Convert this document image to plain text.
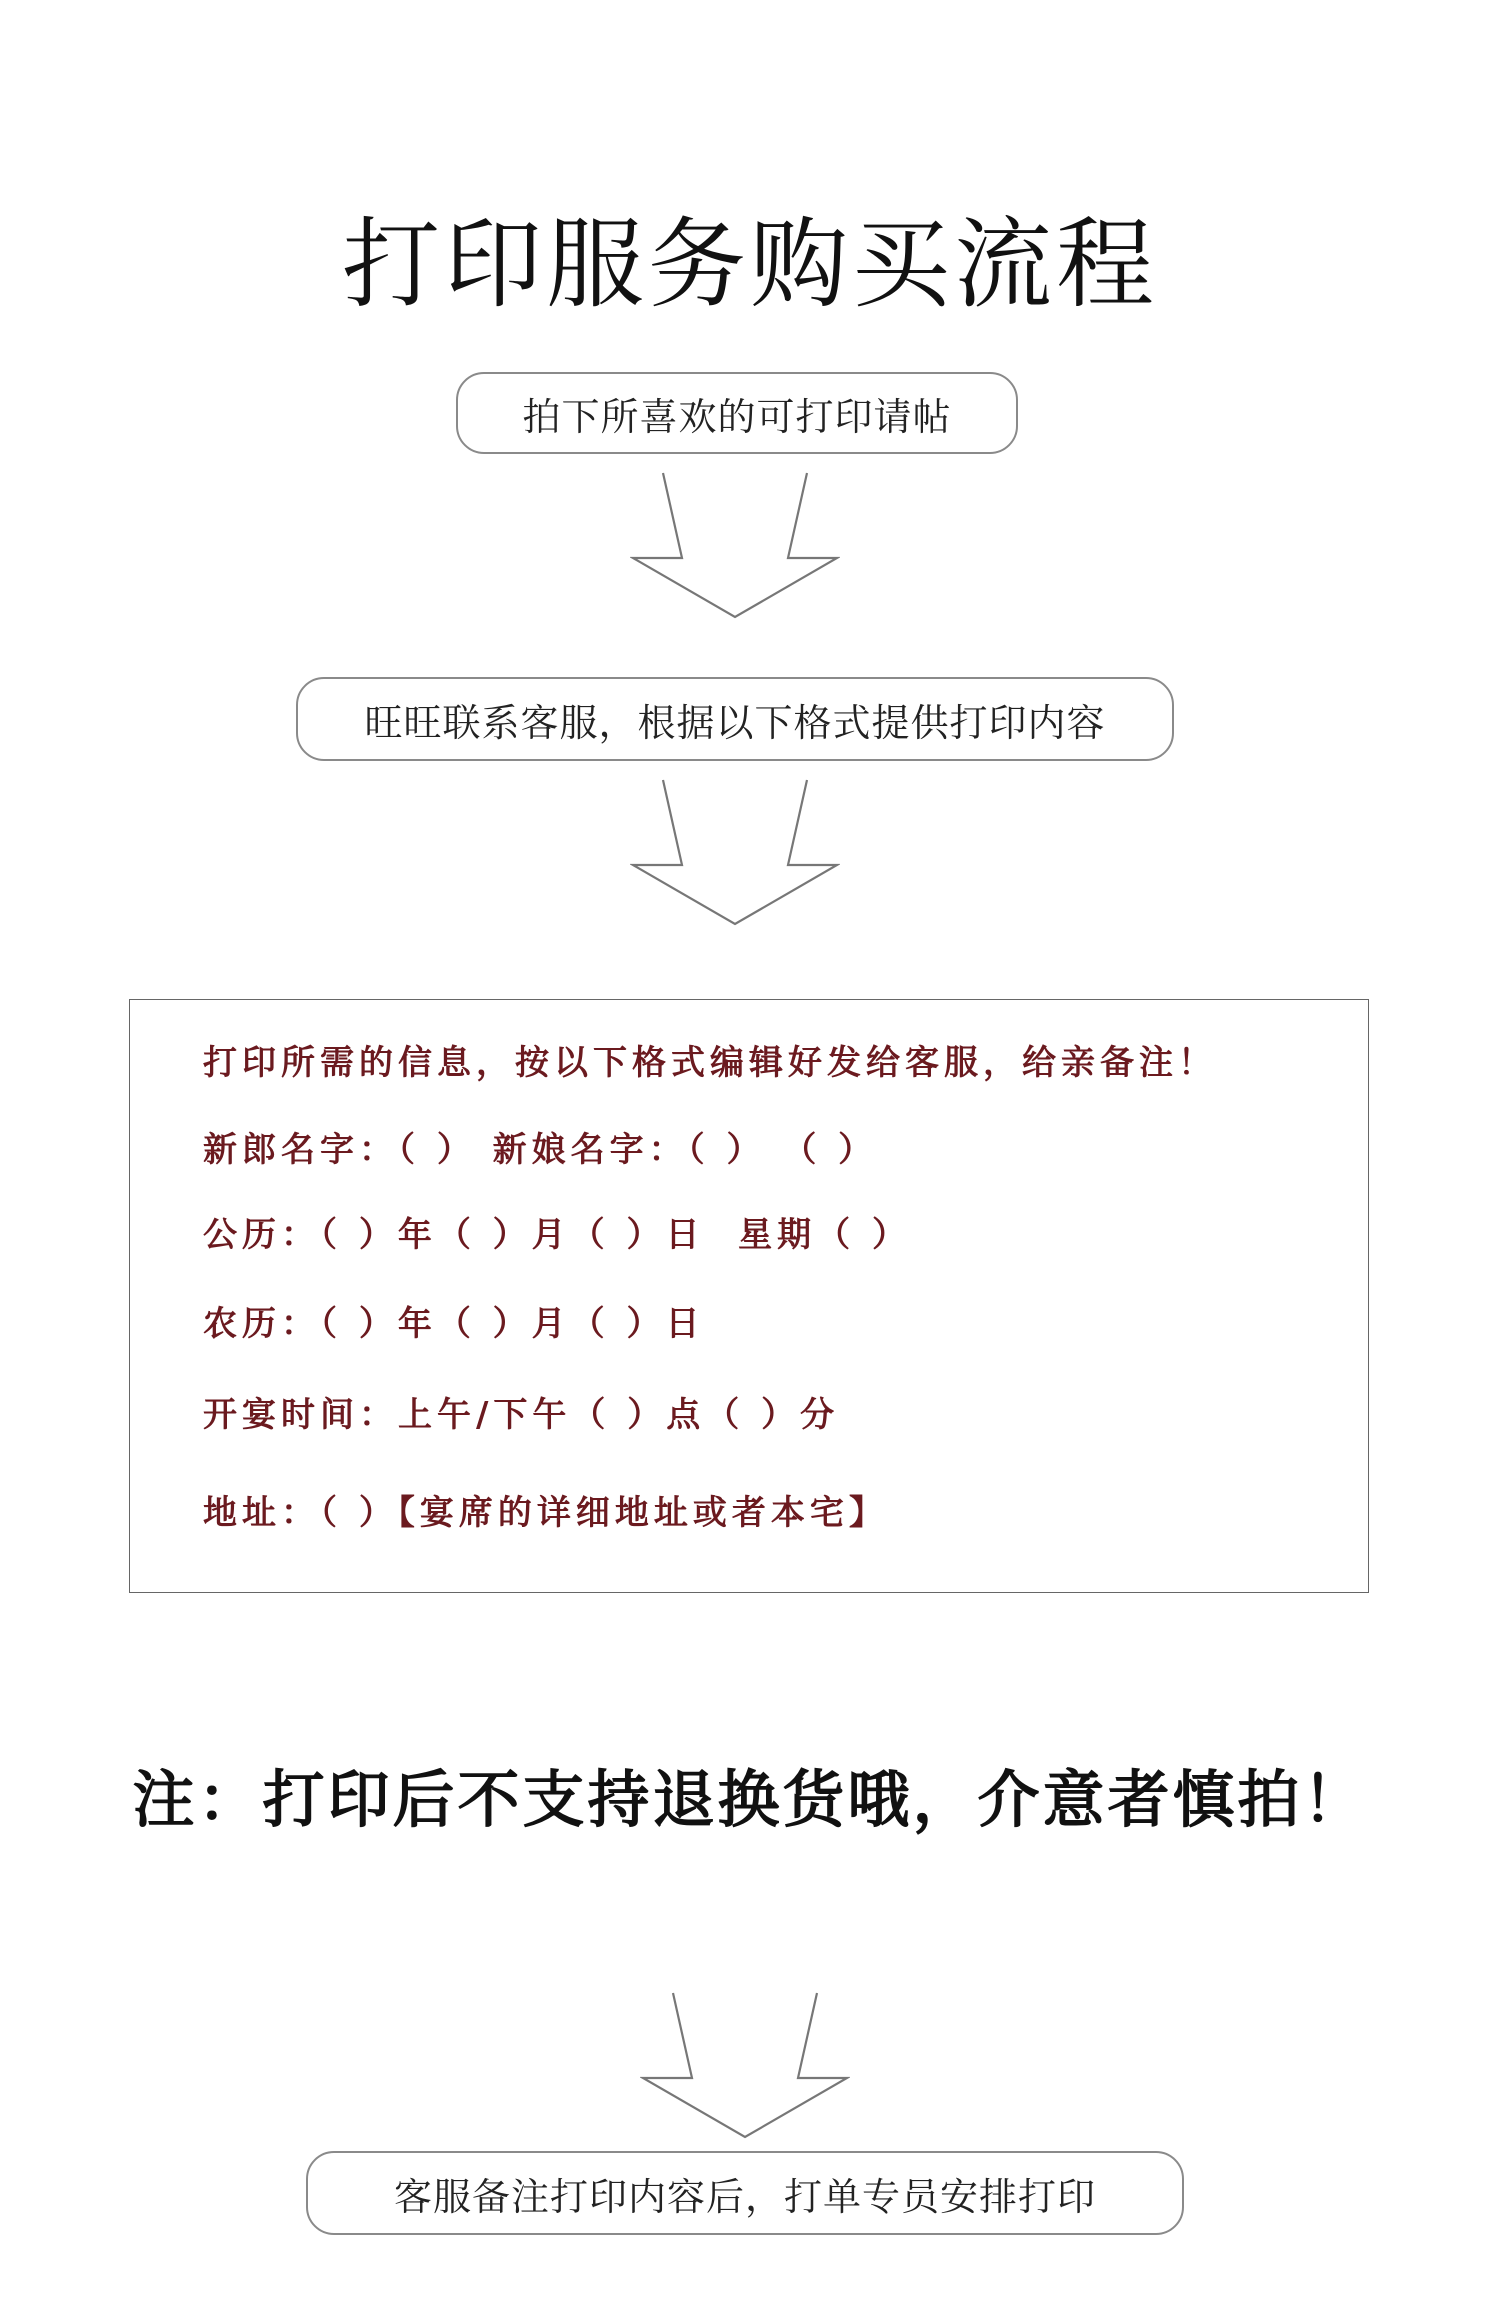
打印服务购买流程
拍下所喜欢的可打印请帖
旺旺联系客服，根据以下格式提供打印内容
打印所需的信息，按以下格式编辑好发给客服，给亲备注！
新郎名字：（ ） 新娘名字：（ ） （ ）
公历：（ ）年（ ）月（ ）日  星期（ ）
农历：（ ）年（ ）月（ ）日
开宴时间：上午/下午（ ）点（ ）分
地址：（ ）【宴席的详细地址或者本宅】
注：打印后不支持退换货哦，介意者慎拍！
客服备注打印内容后，打单专员安排打印
